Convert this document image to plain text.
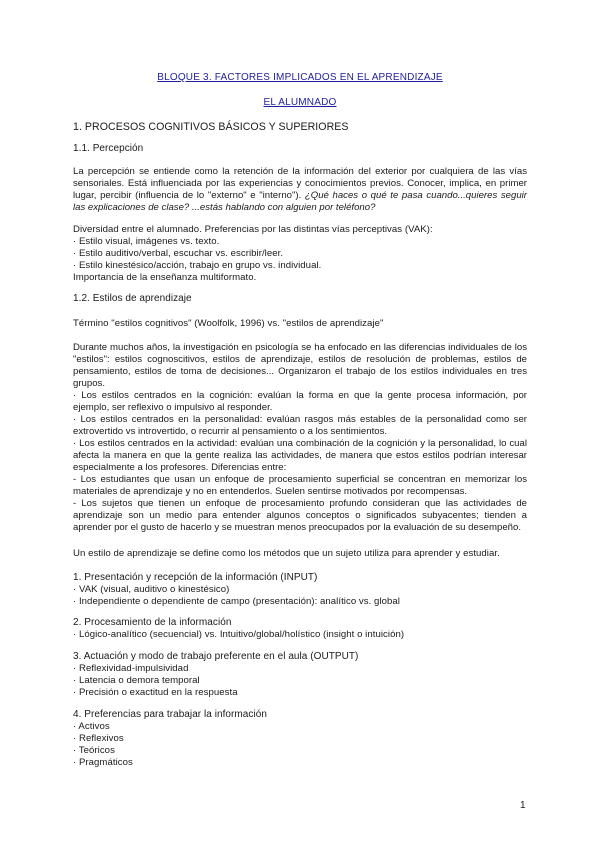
BLOQUE 3. FACTORES IMPLICADOS EN EL APRENDIZAJE
EL ALUMNADO
1. PROCESOS COGNITIVOS BÁSICOS Y SUPERIORES
1.1. Percepción
La percepción se entiende como la retención de la información del exterior por cualquiera de las vías sensoriales. Está influenciada por las experiencias y conocimientos previos. Conocer, implica, en primer lugar, percibir (influencia de lo "externo" e "interno"). ¿Qué haces o qué te pasa cuando...quieres seguir las explicaciones de clase? ...estás hablando con alguien por teléfono?
Diversidad entre el alumnado. Preferencias por las distintas vías perceptivas (VAK):
· Estilo visual, imágenes vs. texto.
· Estilo auditivo/verbal, escuchar vs. escribir/leer.
· Estilo kinestésico/acción, trabajo en grupo vs. individual.
Importancia de la enseñanza multiformato.
1.2. Estilos de aprendizaje
Término "estilos cognitivos" (Woolfolk, 1996) vs. "estilos de aprendizaje"
Durante muchos años, la investigación en psicología se ha enfocado en las diferencias individuales de los "estilos": estilos cognoscitivos, estilos de aprendizaje, estilos de resolución de problemas, estilos de pensamiento, estilos de toma de decisiones... Organizaron el trabajo de los estilos individuales en tres grupos.
· Los estilos centrados en la cognición: evalúan la forma en que la gente procesa información, por ejemplo, ser reflexivo o impulsivo al responder.
· Los estilos centrados en la personalidad: evalúan rasgos más estables de la personalidad como ser extrovertido vs introvertido, o recurrir al pensamiento o a los sentimientos.
· Los estilos centrados en la actividad: evalúan una combinación de la cognición y la personalidad, lo cual afecta la manera en que la gente realiza las actividades, de manera que estos estilos podrían interesar especialmente a los profesores. Diferencias entre:
- Los estudiantes que usan un enfoque de procesamiento superficial se concentran en memorizar los materiales de aprendizaje y no en entenderlos. Suelen sentirse motivados por recompensas.
- Los sujetos que tienen un enfoque de procesamiento profundo consideran que las actividades de aprendizaje son un medio para entender algunos conceptos o significados subyacentes; tienden a aprender por el gusto de hacerlo y se muestran menos preocupados por la evaluación de su desempeño.
Un estilo de aprendizaje se define como los métodos que un sujeto utiliza para aprender y estudiar.
1. Presentación y recepción de la información (INPUT)
· VAK (visual, auditivo o kinestésico)
· Independiente o dependiente de campo (presentación): analítico vs. global
2. Procesamiento de la información
· Lógico-analítico (secuencial) vs. Intuitivo/global/holístico (insight o intuición)
3. Actuación y modo de trabajo preferente en el aula (OUTPUT)
· Reflexividad-impulsividad
· Latencia o demora temporal
· Precisión o exactitud en la respuesta
4. Preferencias para trabajar la información
· Activos
· Reflexivos
· Teóricos
· Pragmáticos
1
